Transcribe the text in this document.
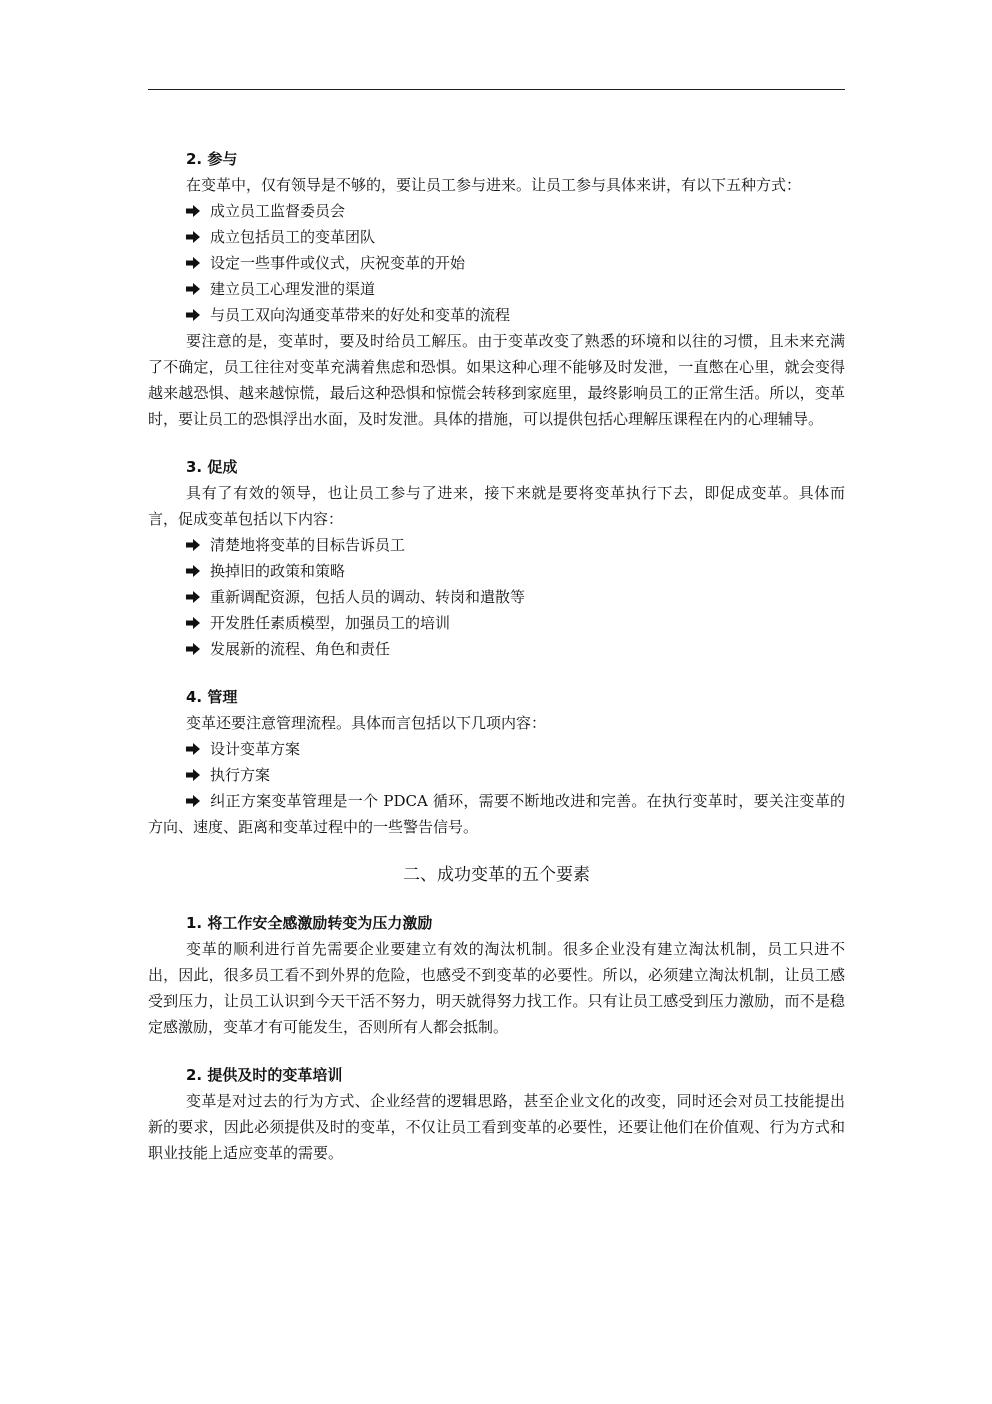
2. 参与

在变革中，仅有领导是不够的，要让员工参与进来。让员工参与具体来讲，有以下五种方式：

成立员工监督委员会
成立包括员工的变革团队
设定一些事件或仪式，庆祝变革的开始
建立员工心理发泄的渠道
与员工双向沟通变革带来的好处和变革的流程

要注意的是，变革时，要及时给员工解压。由于变革改变了熟悉的环境和以往的习惯，且未来充满了不确定，员工往往对变革充满着焦虑和恐惧。如果这种心理不能够及时发泄，一直憋在心里，就会变得越来越恐惧、越来越惊慌，最后这种恐惧和惊慌会转移到家庭里，最终影响员工的正常生活。所以，变革时，要让员工的恐惧浮出水面，及时发泄。具体的措施，可以提供包括心理解压课程在内的心理辅导。

3. 促成

具有了有效的领导，也让员工参与了进来，接下来就是要将变革执行下去，即促成变革。具体而言，促成变革包括以下内容：

清楚地将变革的目标告诉员工
换掉旧的政策和策略
重新调配资源，包括人员的调动、转岗和遣散等
开发胜任素质模型，加强员工的培训
发展新的流程、角色和责任

4. 管理

变革还要注意管理流程。具体而言包括以下几项内容：

设计变革方案
执行方案

纠正方案变革管理是一个 PDCA 循环，需要不断地改进和完善。在执行变革时，要关注变革的方向、速度、距离和变革过程中的一些警告信号。

二、成功变革的五个要素

1. 将工作安全感激励转变为压力激励

变革的顺利进行首先需要企业要建立有效的淘汰机制。很多企业没有建立淘汰机制，员工只进不出，因此，很多员工看不到外界的危险，也感受不到变革的必要性。所以，必须建立淘汰机制，让员工感受到压力，让员工认识到今天干活不努力，明天就得努力找工作。只有让员工感受到压力激励，而不是稳定感激励，变革才有可能发生，否则所有人都会抵制。

2. 提供及时的变革培训

变革是对过去的行为方式、企业经营的逻辑思路，甚至企业文化的改变，同时还会对员工技能提出新的要求，因此必须提供及时的变革，不仅让员工看到变革的必要性，还要让他们在价值观、行为方式和职业技能上适应变革的需要。
